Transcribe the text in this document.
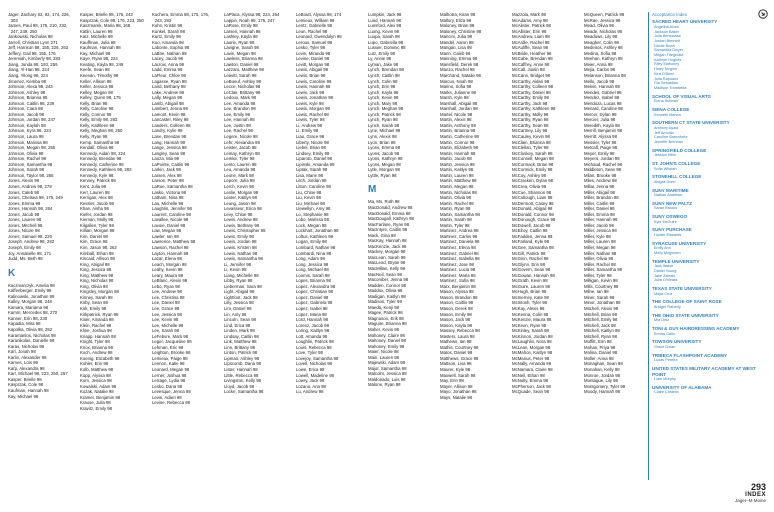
Jager, Zachary 62, 92, 174, 226, 303
James, Paul 98, 175, 210, 232, 247, 249, 250
Jankowski, Nicholas 98
Jarrell, Christian Lynn 271
Jeff, Harrison 98, 155, 226, 263
Jeffery, Gail 98, 155, 176
Jeremiah, Kimberly 98, 283
Jiang, Junda 98, 193, 259
Jiang, Yi-Han 98, 224
Jiang, Yilong 98, 224
Jimenez, Kemba 98
Johnson, Alexa 98, 243
Johnson, Ashley 98
Johnson, Brianna 98
Johnson, Caitlin 98, 239
Johnson, Ciara 98
Johnson, Jacob 98
Johnson, Jordan 98, 247
Johnson, Kaylah 98
Johnson, Kyra 98, 224
Johnson, Laura 98
Johnson, Marissa 98
Johnson, Megan 98, 255
Johnson, Olivia 98
Johnson, Rachel 98
Johnson, Samantha 98
Johnson, Sarah 98
Johnson, Taylor 98, 265
Jones, Alexis 98
Jones, Andrew 98, 278
Jones, Caleb 98
Jones, Chelsea 98, 175, 249
Jones, Emma 98
Jones, Hannah 98, 264
Jones, Jacob 98
Jones, Lauren 98
Jones, Mitchell 98
Jones, Nicole 98
Jones, Samuel 98, 220
Joseph, Andrew 98, 282
Joseph, Emily 98
Joy, Annabelle 98, 171
Judd, Ms. Beth 98
K
Kaczmarczyk, Amelia 98
Kaffenberger, Emily 98
Kalinowski, Jonathan 98
Kalley, Morgan 98, 248
Kamara, Mariama 98
Kamm, Mercedes 98, 270
Kanner, Erin 98, 230
Kapadia, Mira 98
Kapolka, Olivia 98, 252
Karamanlos, Nicholas 98
Karanikolas, Danielle 98
Karas, Nicholas 98
Karl, Jonah 98
Karlin, Alexander 98
Karnes, Lois 98
Karp, Alexandra 98
Karr, Michael 98, 223, 250, 257
Kasper, Brielle 98
Kasprzak, Cole 98
Kaufman, Hannah 98
Kay, Michael 98
Kasper, Brielle 98, 175, 243
Kasprzak, Cole 98, 176, 223, 250
Kaszmarek, Maria 98, 168
Katlin, Lauren 98
Katz, Michelle 98
Kauffman, Julia 98
Kaufman, Hannah 98
Kay, Michael 98
Kaye, Ryan 98, 224
Keating, Kayla 98, 249
Keefe, Sean 98
Keenan, Timothy 98
Keller, Allison 98
Keller, Jessica 98
Kelley, Megan 98
Kelley, Quinn 98, 175
Kelly, Brian 98
Kelly, Caroline 98
Kelly, Connor 98
Kelly, Emily 98, 283
Kelly, Kathleen 98
Kelly, Meghan 98, 250
Kelly, Ryan 98
Kemp, Samantha 98
Kendall, Olivia 98
Kennedy, Aidan 98, 224
Kennedy, Brendan 98
Kennedy, Catherine 98
Kennedy, Kathleen 98, 283
Kennedy, Kyle 98
Kenney, Patrick 98
Kent, Julia 98
Kerr, Lauren 98
Kerrigan, Alex 98
Kessler, Jacob 98
Khan, Aisha 98
Kiefer, Jordan 98
Kiernan, Molly 98
Kilgallen, Tyler 98
Killian, Morgan 98
Kim, Daniel 98
Kim, Grace 98
Kim, Jason 98, 262
Kimball, Ethan 98
Kincaid, Allison 98
King, Abigail 98
King, Jessica 98
King, Matthew 98
King, Nicholas 98
King, Olivia 98
Kingsley, Morgan 98
Kinney, Sarah 98
Kirby, Sean 98
Kirk, Emily 98
Kirkpatrick, Ryan 98
Kiser, Amanda 98
Klein, Rachel 98
Kline, Joshua 98
Knapp, Hannah 98
Knight, Tyler 98
Knox, Brianna 98
Koch, Andrew 98
Koenig, Elizabeth 98
Kohler, Erin 98
Kolb, Matthew 98
Kopp, Alyssa 98
Korn, Jessica 98
Kowalski, Adam 98
Kozak, Natalie 98
Kramer, Benjamin 98
Krause, Julia 98
Kravitz, Emily 98
Kuchera, Emma 98, 175, 176, 243, 283
Kuhn, Kristin 98
Kunkel, Sarah 98
Kurtz, Emily 98
Kuo, Amanda 98
Labonte, Sophia 98
LaBrie, Nathan 98
Lacey, Jacob 98
Lacroix, Anna 98
Ladd, Emma 98
LaFleur, Chloe 98
Lagasse, Ryan 98
Laird, Bethany 98
Lake, Andrew 98
Lally, Megan 98
Lamb, Abigail 98
Lambert, Jenna 98
Lamont, Kevin 98
Lancaster, Riley 98
Landers, Colleen 98
Landry, Kylie 98
Lane, Brendan 98
Lang, Hannah 98
Lange, Jessica 98
Langley, Sean 98
Lanza, Mia 98
LaPointe, Caitlin 98
Larkin, Jack 98
Larsen, Alex 98
Larson, Peter 98
LaRue, Samantha 98
Lasko, Victoria 98
Latham, Nina 98
Lau, Michelle 98
Laughlin, Jennifer 98
Laurent, Caroline 98
Lavallee, Nicole 98
Lavoie, Daniel 98
Law, Megan 98
Lawler, Ian 98
Lawrence, Matthew 98
Lawson, Rachel 98
Layton, Hannah 98
Lazar, Elena 98
Leach, Morgan 98
Leahy, Kevin 98
Leary, Maura 98
LeBlanc, Alexis 98
Lebo, Ryan 98
Lee, Andrew 98
Lee, Christina 98
Lee, Daniel 98
Lee, Grace 98
Lee, Jessica 98
Lee, Kevin 98
Lee, Michelle 98
Lee, Sarah 98
LeFebvre, Mark 98
Leger, Jacqueline 98
Lehman, Eric 98
Leighton, Brooke 98
Lemieux, Paige 98
Lennon, Katie 98
Leonard, Megan 98
Lerner, Joshua 98
LeSage, Lydia 98
Lesko, Dana 98
Levesque, Jenna 98
Levin, Adam 98
Levine, Rebecca 98
LaPlaca, Alyssa 98, 224, 264
Lappin, Noah 98, 176, 247
LaRose, Emily 98
Larsen, Hannah 98
Lashley, Kayla 98
Laurie, Ryan 98
Lavigne, Sarah 98
Lavin, Megan 98
Lawless, Brianna 98
Lawton, Daniel 98
Lazzaro, Matthew 98
Leavitt, Sarah 98
LeBoeuf, Ashley 98
Lecce, Nicholas 98
LeClair, Brittany 98
Ledoux, Mark 98
Lee, Amanda 98
Lee, Brandon 98
Lee, Emily 98
Lee, Hannah 98
Lee, Justin 98
Lee, Rachel 98
Legere, Nicole 98
Lehr, Alexandra 98
Leister, Jacob 98
Lemay, Kathryn 98
Lemke, Tyler 98
Lento, Lauren 98
Leo, Amanda 98
Leone, Mark 98
Lepore, Julia 98
Lerch, Kevin 98
Leslie, Morgan 98
Lester, Kaitlyn 98
Leung, Jason 98
Levasseur, Erica 98
Levy, Chloe 98
Lewis, Andrew 98
Lewis, Bethany 98
Lewis, Christopher 98
Lewis, Emily 98
Lewis, Jordan 98
Lewis, Kristen 98
Lewis, Nathan 98
Lewis, Samantha 98
Li, Jennifer 98
Li, Kevin 98
Liang, Michelle 98
Libby, Ryan 98
Lieberman, Sara 98
Light, Abigail 98
Lightfoot, Jack 98
Lilly, Jessica 98
Lim, Daniel 98
Lin, Amy 98
Lincoln, Sean 98
Lind, Erica 98
Linden, Mark 98
Lindsay, Caitlin 98
Link, Matthew 98
Linn, Brittany 98
Linton, Patrick 98
Lipman, Ashley 98
Lipscomb, Dana 98
Lister, Hannah 98
Little, Rebecca 98
Livingston, Kelly 98
Lloyd, Jacob 98
Locke, Samantha 98
LeBoutt, Alyssa 98, 174
Lemieux, William 98
Lentz, Gabrielle 98
Leon, Rachel 98
Leonard, Gwendolyn 98
Leroux, Samuel 98
Lesko, Tyler 98
Levin, Miranda 98
Levine, Daniel 98
Levitt, Morgan 98
Lewis, Abigail 98
Lewis, Brian 98
Lewis, Caroline 98
Lewis, Hannah 98
Lewis, Jack 98
Lewis, Jonathan 98
Lewis, Kyle 98
Lewis, Morgan 98
Lewis, Rachel 98
Lewis, Tyler 98
Li, Andrew 98
Li, Emily 98
Liao, Grace 98
Liberty, Nicole 98
Liebel, Brian 98
Lindsey, Emily 98
Liparoto, Daniel 98
Lipinski, Amanda 98
Liptak, Sarah 98
Lisa, Marie 98
Litch, Jordan 98
Litton, Caroline 98
Liu, Chloe 98
Liu, Kevin 98
Liu, Michael 98
Llewellyn, Amy 98
Lo, Stephanie 98
Lobo, Marissa 98
Lock, Megan 98
Lockhart, Jonathan 98
Loftus, Kathleen 98
Logan, Emily 98
Lombard, Nathan 98
Lombardi, Nina 98
Long, Adam 98
Long, Jessica 98
Long, Michael 98
Loomis, Sarah 98
Lopes, Brianna 98
Lopez, Alexandra 98
Lopez, Christian 98
Lopez, Daniel 98
Lopez, Gabriela 98
Lopez, Isabel 98
Lopez, Maria 98
Lord, Hannah 98
Lorenz, Jacob 98
Loring, Kaitlyn 98
Lott, Amanda 98
Loughlin, Patrick 98
Louis, Rebecca 98
Love, Tyler 98
Lovejoy, Samantha 98
Lovell, Nicholas 98
Lowe, Erica 98
Lowell, Madeline 98
Lowry, Jack 98
Lozano, Ana 98
Lu, Andrew 98
Lumpkin, Jack 98
Lund, Hannah 98
Lunsford, Alex 98
Luong, Kevin 98
Luopa, Sarah 98
Lupo, Gabriella 98
Lussier, Dominic 98
Lutz, Emily 98
Ly, Annie 98
Lyman, Jake 98
Lynch, Brendan 98
Lynch, Caitlin 98
Lynch, Colin 98
Lynch, Erin 98
Lynch, Kayla 98
Lynch, Kevin 98
Lynch, Mary 98
Lynch, Meghan 98
Lynch, Patrick 98
Lynch, Ryan 98
Lynch, Sarah 98
Lyne, Michael 98
Lynn, Alexis 98
Lyon, Brian 98
Lyons, Emma 98
Lyons, Jacob 98
Lyons, Kathryn 98
Lyons, Megan 98
Lytle, Morgan 98
Lyttle, Ryan 98
M
Ma, Ms. Ruth 98
MacDonald, Andrew 98
MacDonald, Emma 98
MacDougall, Kathryn 98
MacFarlane, Ryan 98
MacIntyre, Caitlin 98
Mack, Gina 98
MacKay, Hannah 98
MacKenzie, Jack 98
Mackey, Morgan 98
MacLean, Sarah 98
MacLeod, Bryan 98
MacMillan, Kelly 98
MacNeil, Sean 98
Macomber, Jenna 98
Madden, Connor 98
Maddox, Olivia 98
Madigan, Kaitlyn 98
Madison, Tyler 98
Maeda, Kenji 98
Magee, Patrick 98
Magnuson, Erik 98
Maguire, Brianna 98
Maher, Kevin 98
Mahoney, Claire 98
Mahoney, Daniel 98
Mahoney, Emily 98
Maier, Nicole 98
Main, Lauren 98
Majewski, Adam 98
Major, Samantha 98
Malcolm, Jessica 98
Maldonado, Luis 98
Malone, Ryan 98
Malhotra, Kiran 98
Mallory, Eliza 98
Maloney, Brian 98
Maloney, Christine 98
Mancini, Julia 98
Mandel, Aaron 98
Mangan, Lisa 98
Mann, Caleb 98
Manning, Emma 98
Mansfield, Derek 98
Manzo, Rachel 98
Marchand, Natalie 98
Marcus, Noah 98
Marino, Sofia 98
Marks, Julianne 98
Marsh, Kyle 98
Marshall, Abigail 98
Marshall, Jordan 98
Martel, Nicole 98
Martin, Alexis 98
Martin, Anthony 98
Martin, Brianna 98
Martin, Catherine 98
Martin, Connor 98
Martin, Elizabeth 98
Martin, Hannah 98
Martin, Jacob 98
Martin, Jessica 98
Martin, Kaitlyn 98
Martin, Lauren 98
Martin, Matthew 98
Martin, Megan 98
Martin, Nicholas 98
Martin, Olivia 98
Martin, Rachel 98
Martin, Ryan 98
Martin, Samantha 98
Martin, Sarah 98
Martin, Tyler 98
Martinez, Andrea 98
Martinez, Carlos 98
Martinez, Daniela 98
Martinez, Elena 98
Martinez, Gabriel 98
Martinez, Isabella 98
Martinez, Jose 98
Martinez, Lucia 98
Martinez, Maria 98
Martinez, Sofia 98
Marx, Benjamin 98
Mason, Alyssa 98
Mason, Brandon 98
Mason, Caitlin 98
Mason, Derek 98
Mason, Emily 98
Mason, Jack 98
Mason, Kayla 98
Massey, Rebecca 98
Masters, Laura 98
Mathews, Ian 98
Mathis, Courtney 98
Matos, Daniel 98
Matthews, Grace 98
Mattson, Lisa 98
Maurer, Kyle 98
Maxwell, Sarah 98
May, Erin 98
Mayer, Allison 98
Mayo, Jonathan 98
Mays, Natalie 98
Mazzola, Mark 98
McAdams, Amy 98
McAlister, Patrick 98
McAllister, Erin 98
McAndrew, Liam 98
McArdle, Rachel 98
McAuliffe, Sean 98
McBride, Heather 98
McCabe, Brendan 98
McCaffrey, Anne 98
McCall, Justin 98
McCann, Bridget 98
McCarthy, Aidan 98
McCarthy, Colleen 98
McCarthy, Daniel 98
McCarthy, Emily 98
McCarthy, Jack 98
McCarthy, Kathleen 98
McCarthy, Molly 98
McCarthy, Ryan 98
McCarthy, Sean 98
McCartney, Lily 98
McCauley, Kevin 98
McClain, Brianna 98
McClellan, Tyler 98
McCloskey, Sarah 98
McConnell, Megan 98
McCormack, Brian 98
McCormick, Emily 98
McCoy, Ashley 98
McCracken, Dylan 98
McCrea, Olivia 98
McCue, Shannon 98
McCullough, Liam 98
McDermott, Casey 98
McDonald, Abigail 98
McDonald, Connor 98
McDonough, Grace 98
McDowell, Jacob 98
McElroy, Caitlin 98
McFadden, Jenna 98
McFarland, Kyle 98
McGee, Samantha 98
McGill, Patrick 98
McGinn, Rachel 98
McGlynn, Erin 98
McGovern, Sean 98
McGowan, Hannah 98
McGrath, Kevin 98
McGuire, Lauren 98
McHugh, Brian 98
McInerney, Kate 98
McIntosh, Tyler 98
McKay, Alexis 98
McKenna, Colin 98
McKenzie, Maura 98
McKeon, Ryan 98
McKinley, Sarah 98
McKinnon, Jordan 98
McLaughlin, Nora 98
McLean, Morgan 98
McMahon, Kaitlyn 98
McManus, Peter 98
McNally, Amanda 98
McNamara, Claire 98
McNeil, Ethan 98
McNulty, Emma 98
McPherson, Jack 98
McQuade, Sean 98
McQueen, Patrick 98
McRae, Jessica 98
Mead, Olivia 98
Meade, Nicholas 98
Meadows, Lily 98
Meagher, Colin 98
Medeiros, Ashley 98
Medina, Sofia 98
Meehan, Kathryn 98
Meier, Anna 98
Mejia, Carlos 98
Melanson, Brianna 98
Mello, Jacob 98
Melvin, Hannah 98
Mendes, Gabriel 98
Mendez, Isabel 98
Mendoza, Lucas 98
Menard, Caroline 98
Mercer, Dylan 98
Mercier, Julia 98
Meredith, Kayla 98
Merrill, Benjamin 98
Merritt, Alyssa 98
Messier, Tyler 98
Metcalf, Paige 98
Meyer, Emily 98
Meyers, Jordan 98
Michaud, Rachel 98
Middleton, Sean 98
Milan, Brooke 98
Miles, Andrew 98
Millar, Jenna 98
Miller, Abigail 98
Miller, Brandon 98
Miller, Caitlin 98
Miller, Daniel 98
Miller, Emma 98
Miller, Hannah 98
Miller, Jacob 98
Miller, Jessica 98
Miller, Kyle 98
Miller, Lauren 98
Miller, Megan 98
Miller, Nathan 98
Miller, Olivia 98
Miller, Rachel 98
Miller, Samantha 98
Miller, Tyler 98
Milligan, Kevin 98
Mills, Courtney 98
Milne, Ian 98
Miner, Sarah 98
Minor, Jonathan 98
Mitchell, Alexis 98
Mitchell, Brian 98
Mitchell, Emily 98
Mitchell, Jack 98
Mitchell, Kaitlyn 98
Mitchell, Ryan 98
Moffitt, Erin 98
Mohan, Priya 98
Molina, Daniel 98
Moller, Anna 98
Monaghan, Sean 98
Monahan, Kelly 98
Monroe, Jordan 98
Montague, Lily 98
Montgomery, Tyler 98
Moody, Hannah 98
Acceptance Index
SACRED HEART UNIVERSITY
Angelina Alves
Jackson Baker
Julia Benincasa
Jordan Bennett
Nicole Bozzi
Samantha Dwyer
Megan Fitzgerald
Kathryn Hughes
Riley Mahoney
Haley Mcginn
Kira O'Brien
Julia Rapuano
Gia Sebastian
Madison Trombetta
SCHOOL OF VISUAL ARTS
Elena Sullivan
SIENA COLLEGE
Kenneth Mahon
SOUTHERN CT STATE UNIVERSITY
Anthony Ayala
Jeff Amodio
Caroline Branciforte
Jennifer Brennan
SPRINGFIELD COLLEGE
Jessica Hillis
ST. JOHN'S COLLEGE
Sofia Whelan
STONEHILL COLLEGE
Abigail Dunn
SUNY MARITIME
Nathan Andrews
SUNY NEW PALTZ
Sarah Brooks
SUNY OSWEGO
Kyle McGuire
SUNY PURCHASE
Hunter Edwards
SYRACUSE UNIVERSITY
Emily Ahn
Molly Mcgovern
TEMPLE UNIVERSITY
Jack Walsh
Daniel Young
Jake Zaleski
Julia O'Meara
TEXAS STATE UNIVERSITY
Maya Cruz
THE COLLEGE OF SAINT ROSE
Bridget Flaherty
THE OHIO STATE UNIVERSITY
Mia Ortiz
TONI & GUY HAIRDRESSING ACADEMY
Emma Gallo
TOWSON UNIVERSITY
Grace Dolan
TRIBECA FLASHPOINT ACADEMY
Lucas Pereira
UNITED STATES MILITARY ACADEMY AT WEST POINT
Liam Murphy
UNIVERSITY OF ALABAMA
Claire Costello
293
INDEX
Jager–M Moine
